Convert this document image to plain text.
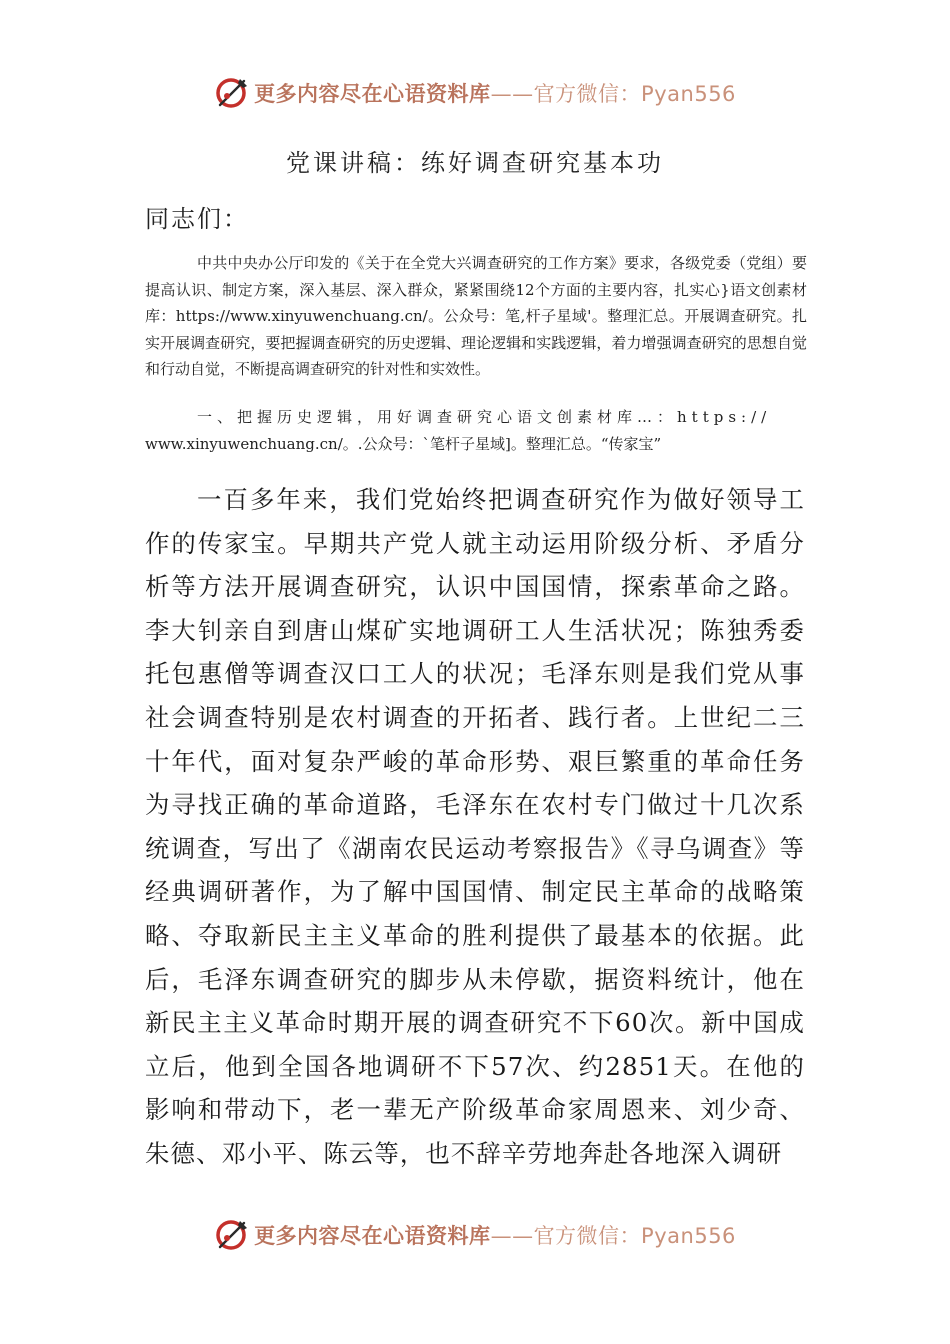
更多内容尽在心语资料库——官方微信：Pyan556
党课讲稿：练好调查研究基本功
同志们：

中共中央办公厅印发的《关于在全党大兴调查研究的工作方案》要求，各级党委（党组）要提高认识、制定方案，深入基层、深入群众，紧紧围绕12个方面的主要内容，扎实心}语文创素材库：https://www.xinyuwenchuang.cn/。公众号：笔,杆子星域'。整理汇总。开展调查研究。扎实开展调查研究，要把握调查研究的历史逻辑、理论逻辑和实践逻辑，着力增强调查研究的思想自觉和行动自觉，不断提高调查研究的针对性和实效性。

一、把握历史逻辑，用好调查研究心语文创素材库…：https://
www.xinyuwenchuang.cn/。.公众号：`笔杆子星域]。整理汇总。“传家宝”

一百多年来，我们党始终把调查研究作为做好领导工作的传家宝。早期共产党人就主动运用阶级分析、矛盾分析等方法开展调查研究，认识中国国情，探索革命之路。李大钊亲自到唐山煤矿实地调研工人生活状况；陈独秀委托包惠僧等调查汉口工人的状况；毛泽东则是我们党从事社会调查特别是农村调查的开拓者、践行者。上世纪二三十年代，面对复杂严峻的革命形势、艰巨繁重的革命任务为寻找正确的革命道路，毛泽东在农村专门做过十几次系统调查，写出了《湖南农民运动考察报告》《寻乌调查》等经典调研著作，为了解中国国情、制定民主革命的战略策略、夺取新民主主义革命的胜利提供了最基本的依据。此后，毛泽东调查研究的脚步从未停歇，据资料统计，他在新民主主义革命时期开展的调查研究不下60次。新中国成立后，他到全国各地调研不下57次、约2851天。在他的影响和带动下，老一辈无产阶级革命家周恩来、刘少奇、朱德、邓小平、陈云等，也不辞辛劳地奔赴各地深入调研

更多内容尽在心语资料库——官方微信：Pyan556
